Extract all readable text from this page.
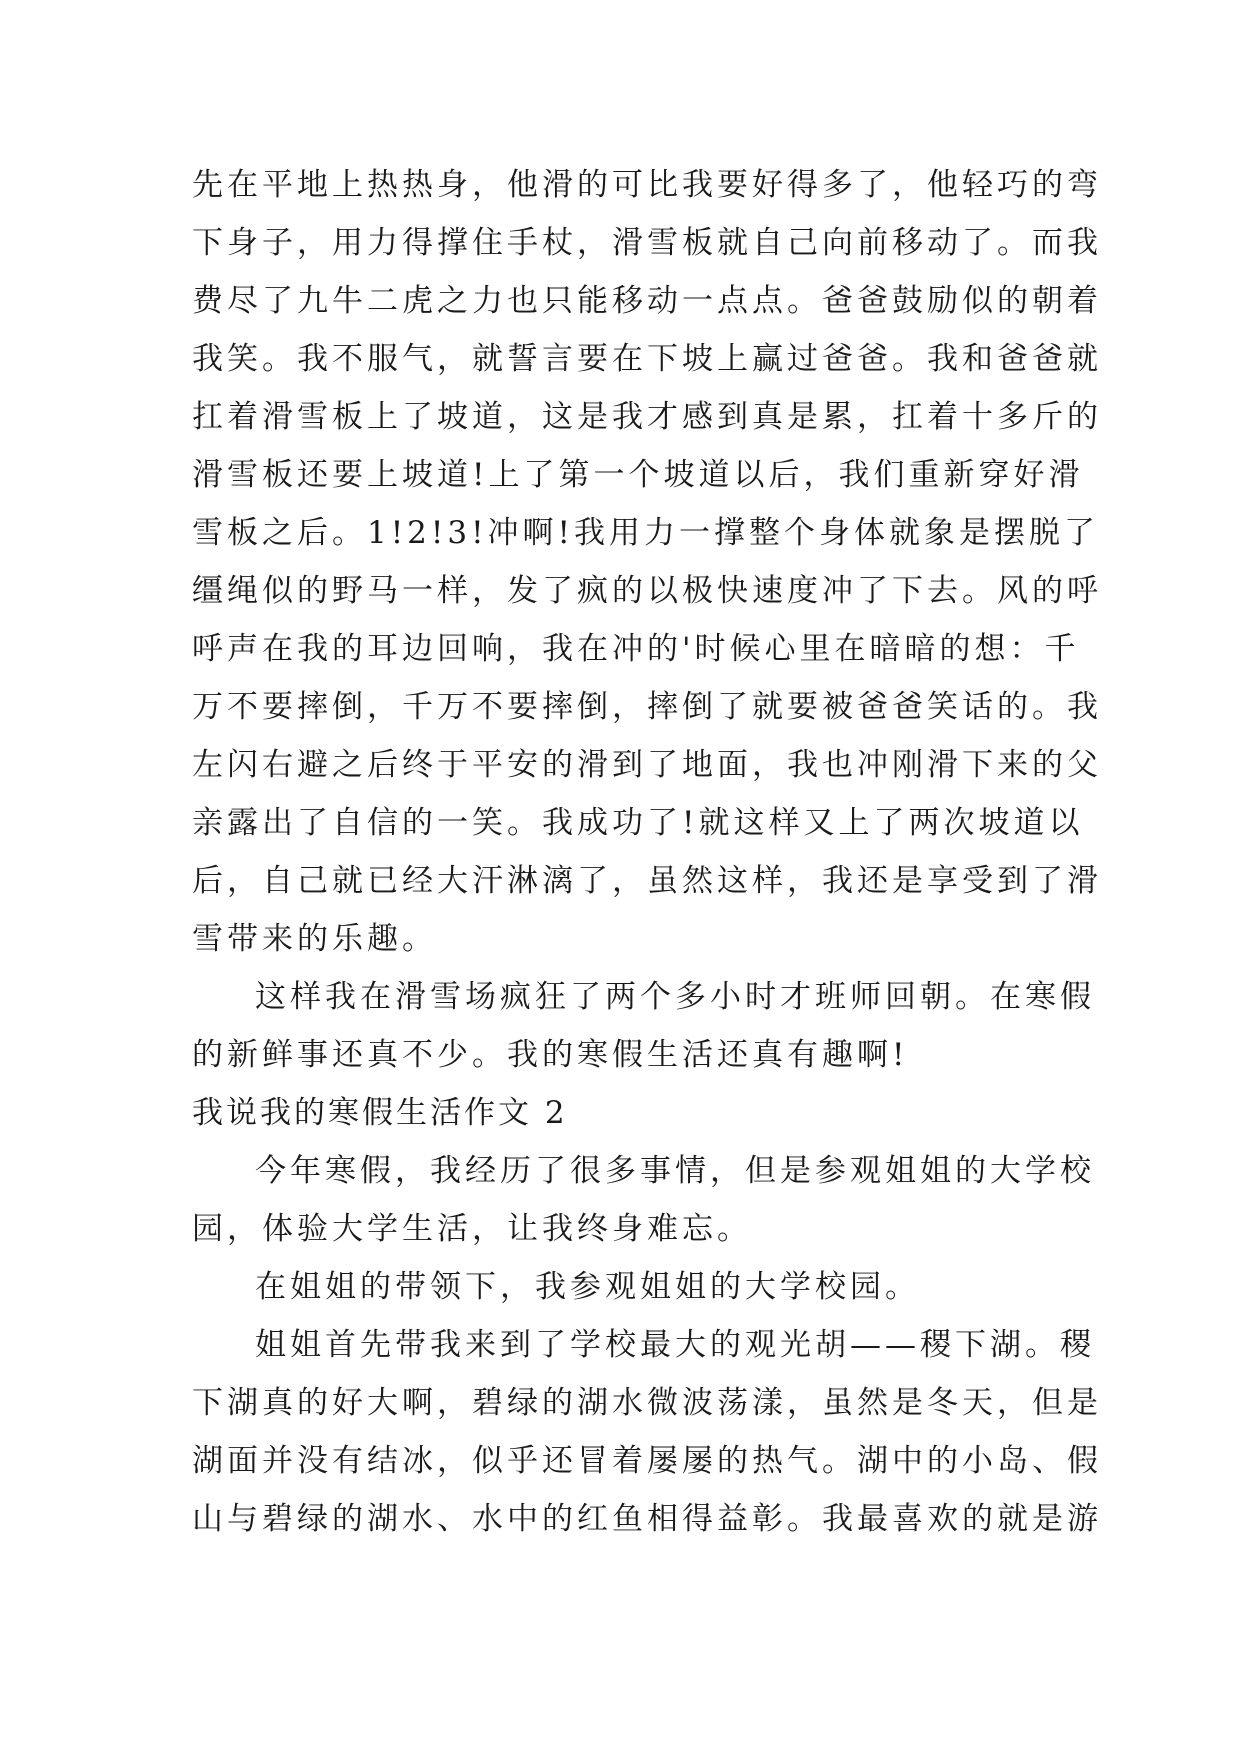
先在平地上热热身，他滑的可比我要好得多了，他轻巧的弯
下身子，用力得撑住手杖，滑雪板就自己向前移动了。而我
费尽了九牛二虎之力也只能移动一点点。爸爸鼓励似的朝着
我笑。我不服气，就誓言要在下坡上赢过爸爸。我和爸爸就
扛着滑雪板上了坡道，这是我才感到真是累，扛着十多斤的
滑雪板还要上坡道!上了第一个坡道以后，我们重新穿好滑
雪板之后。1!2!3!冲啊!我用力一撑整个身体就象是摆脱了
缰绳似的野马一样，发了疯的以极快速度冲了下去。风的呼
呼声在我的耳边回响，我在冲的'时候心里在暗暗的想：千
万不要摔倒，千万不要摔倒，摔倒了就要被爸爸笑话的。我
左闪右避之后终于平安的滑到了地面，我也冲刚滑下来的父
亲露出了自信的一笑。我成功了!就这样又上了两次坡道以
后，自己就已经大汗淋漓了，虽然这样，我还是享受到了滑
雪带来的乐趣。
这样我在滑雪场疯狂了两个多小时才班师回朝。在寒假
的新鲜事还真不少。我的寒假生活还真有趣啊!
我说我的寒假生活作文 2
今年寒假，我经历了很多事情，但是参观姐姐的大学校
园，体验大学生活，让我终身难忘。
在姐姐的带领下，我参观姐姐的大学校园。
姐姐首先带我来到了学校最大的观光胡——稷下湖。稷
下湖真的好大啊，碧绿的湖水微波荡漾，虽然是冬天，但是
湖面并没有结冰，似乎还冒着屡屡的热气。湖中的小岛、假
山与碧绿的湖水、水中的红鱼相得益彰。我最喜欢的就是游
